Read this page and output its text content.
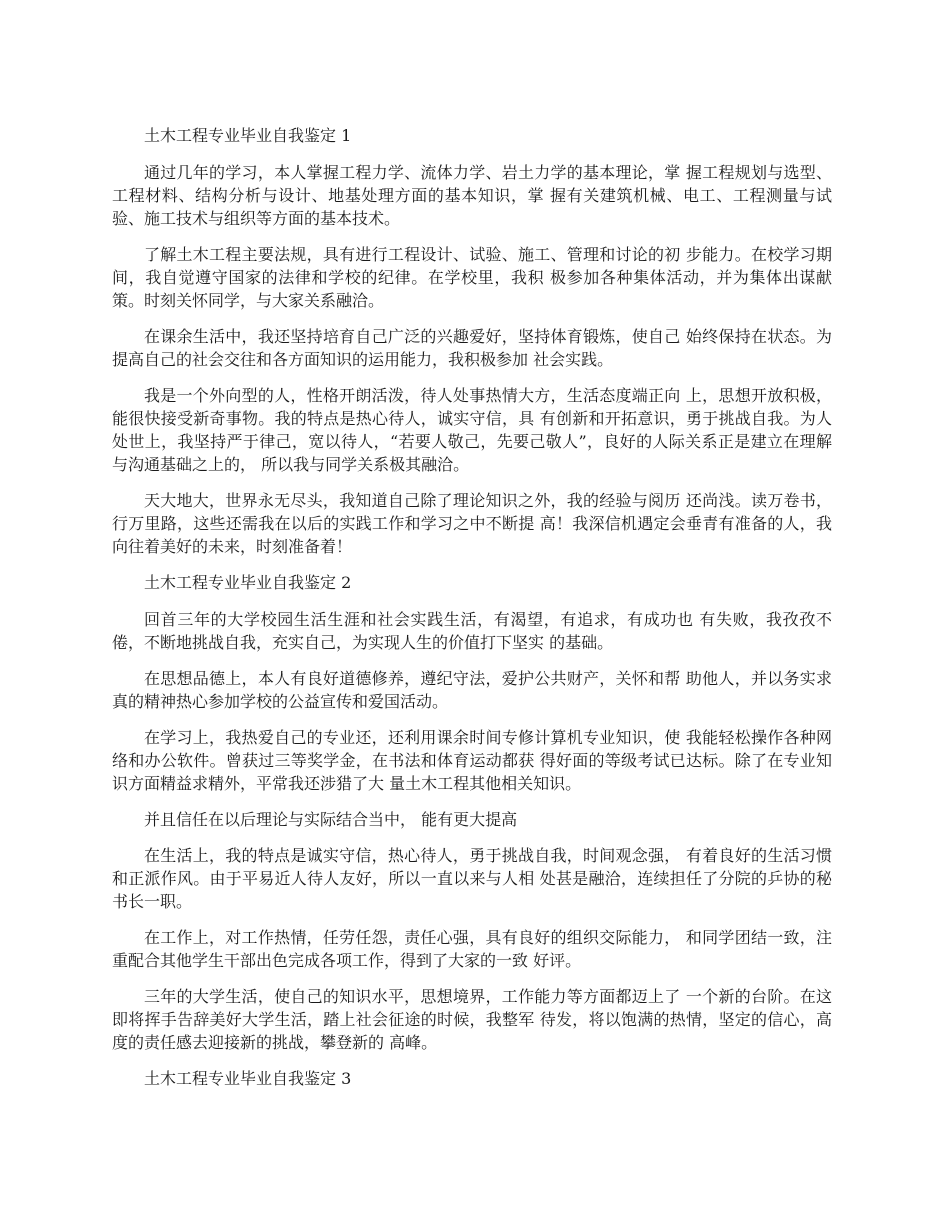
土木工程专业毕业自我鉴定 1
通过几年的学习，本人掌握工程力学、流体力学、岩土力学的基本理论，掌 握工程规划与选型、工程材料、结构分析与设计、地基处理方面的基本知识，掌 握有关建筑机械、电工、工程测量与试验、施工技术与组织等方面的基本技术。
了解土木工程主要法规，具有进行工程设计、试验、施工、管理和讨论的初 步能力。在校学习期间，我自觉遵守国家的法律和学校的纪律。在学校里，我积 极参加各种集体活动，并为集体出谋献策。时刻关怀同学，与大家关系融洽。
在课余生活中，我还坚持培育自己广泛的兴趣爱好，坚持体育锻炼，使自己 始终保持在状态。为提高自己的社会交往和各方面知识的运用能力，我积极参加 社会实践。
我是一个外向型的人，性格开朗活泼，待人处事热情大方，生活态度端正向 上，思想开放积极，能很快接受新奇事物。我的特点是热心待人，诚实守信，具 有创新和开拓意识，勇于挑战自我。为人处世上，我坚持严于律己，宽以待人，“若要人敬己，先要己敬人”，良好的人际关系正是建立在理解与沟通基础之上的， 所以我与同学关系极其融洽。
天大地大，世界永无尽头，我知道自己除了理论知识之外，我的经验与阅历 还尚浅。读万卷书，行万里路，这些还需我在以后的实践工作和学习之中不断提 高！我深信机遇定会垂青有准备的人，我向往着美好的未来，时刻准备着！
土木工程专业毕业自我鉴定 2
回首三年的大学校园生活生涯和社会实践生活，有渴望，有追求，有成功也 有失败，我孜孜不倦，不断地挑战自我，充实自己，为实现人生的价值打下坚实 的基础。
在思想品德上，本人有良好道德修养，遵纪守法，爱护公共财产，关怀和帮 助他人，并以务实求真的精神热心参加学校的公益宣传和爱国活动。
在学习上，我热爱自己的专业还，还利用课余时间专修计算机专业知识，使 我能轻松操作各种网络和办公软件。曾获过三等奖学金，在书法和体育运动都获 得好面的等级考试已达标。除了在专业知识方面精益求精外，平常我还涉猎了大 量土木工程其他相关知识。
并且信任在以后理论与实际结合当中， 能有更大提高
在生活上，我的特点是诚实守信，热心待人，勇于挑战自我，时间观念强， 有着良好的生活习惯和正派作风。由于平易近人待人友好，所以一直以来与人相 处甚是融洽，连续担任了分院的乒协的秘书长一职。
在工作上，对工作热情，任劳任怨，责任心强，具有良好的组织交际能力， 和同学团结一致，注重配合其他学生干部出色完成各项工作，得到了大家的一致 好评。
三年的大学生活，使自己的知识水平，思想境界，工作能力等方面都迈上了 一个新的台阶。在这即将挥手告辞美好大学生活，踏上社会征途的时候，我整军 待发，将以饱满的热情，坚定的信心，高度的责任感去迎接新的挑战，攀登新的 高峰。
土木工程专业毕业自我鉴定 3
